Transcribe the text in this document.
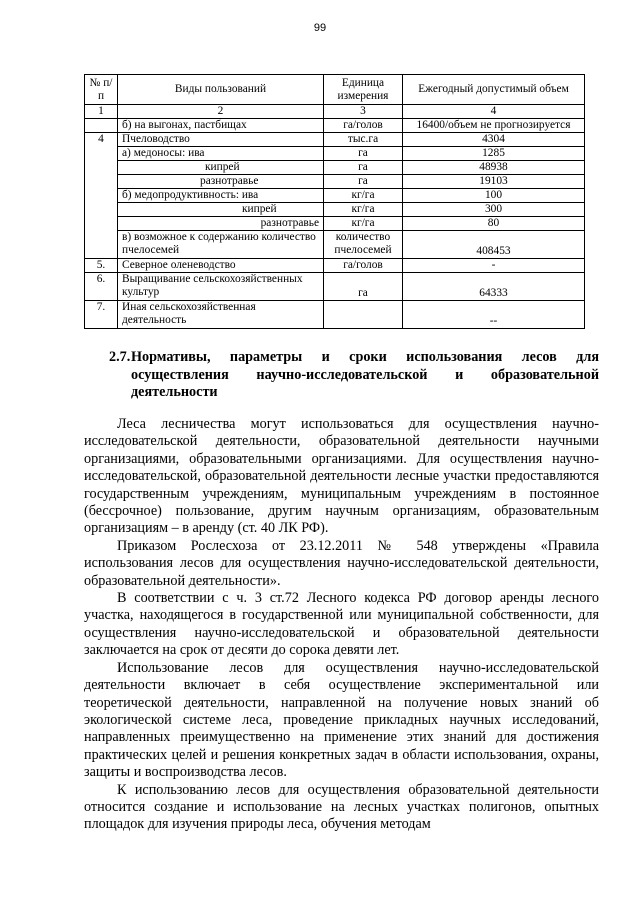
99
№ п/п	Виды пользований	Единица измерения	Ежегодный допустимый объем
1	2	3	4
	б) на выгонах, пастбищах	га/голов	16400/объем не прогнозируется
4	Пчеловодство	тыс.га	4304
	а) медоносы: ива	га	1285
	кипрей	га	48938
	разнотравье	га	19103
	б) медопродуктивность: ива	кг/га	100
	кипрей	кг/га	300
	разнотравье	кг/га	80
	в) возможное к содержанию количество пчелосемей	количество пчелосемей	408453
5.	Северное оленеводство	га/голов	-
6.	Выращивание сельскохозяйственных культур	га	64333
7.	Иная сельскохозяйственная деятельность		--
2.7. Нормативы, параметры и сроки использования лесов для осуществления научно-исследовательской и образовательной деятельности

Леса лесничества могут использоваться для осуществления научно-исследовательской деятельности, образовательной деятельности научными организациями, образовательными организациями. Для осуществления научно-исследовательской, образовательной деятельности лесные участки предоставляются государственным учреждениям, муниципальным учреждениям в постоянное (бессрочное) пользование, другим научным организациям, образовательным организациям – в аренду (ст. 40 ЛК РФ).

Приказом Рослесхоза от 23.12.2011 № 548 утверждены «Правила использования лесов для осуществления научно-исследовательской деятельности, образовательной деятельности».

В соответствии с ч. 3 ст.72 Лесного кодекса РФ договор аренды лесного участка, находящегося в государственной или муниципальной собственности, для осуществления научно-исследовательской и образовательной деятельности заключается на срок от десяти до сорока девяти лет.

Использование лесов для осуществления научно-исследовательской деятельности включает в себя осуществление экспериментальной или теоретической деятельности, направленной на получение новых знаний об экологической системе леса, проведение прикладных научных исследований, направленных преимущественно на применение этих знаний для достижения практических целей и решения конкретных задач в области использования, охраны, защиты и воспроизводства лесов.

К использованию лесов для осуществления образовательной деятельности относится создание и использование на лесных участках полигонов, опытных площадок для изучения природы леса, обучения методам
